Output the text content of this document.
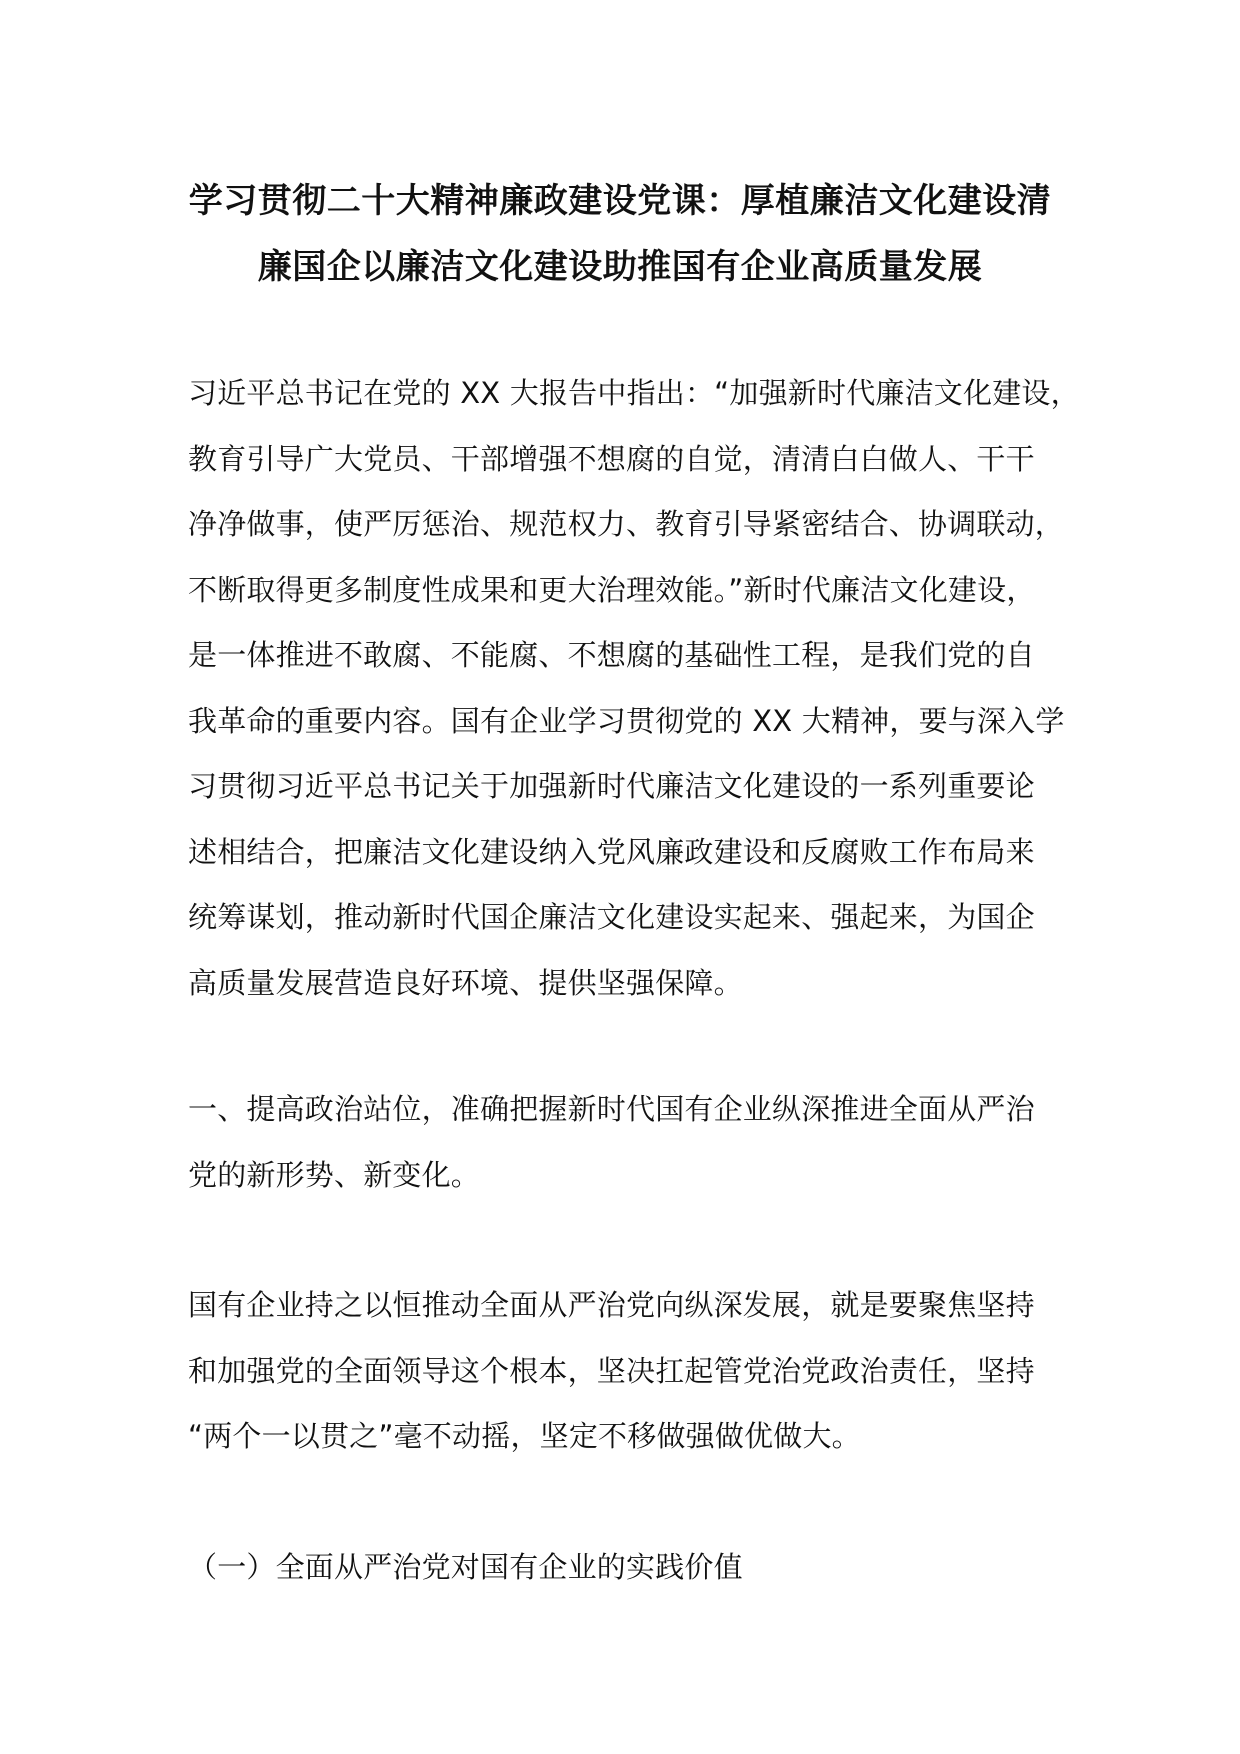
学习贯彻二十大精神廉政建设党课：厚植廉洁文化建设清
廉国企以廉洁文化建设助推国有企业高质量发展
习近平总书记在党的 XX 大报告中指出：“加强新时代廉洁文化建设，
教育引导广大党员、干部增强不想腐的自觉，清清白白做人、干干
净净做事，使严厉惩治、规范权力、教育引导紧密结合、协调联动，
不断取得更多制度性成果和更大治理效能。”新时代廉洁文化建设，
是一体推进不敢腐、不能腐、不想腐的基础性工程，是我们党的自
我革命的重要内容。国有企业学习贯彻党的 XX 大精神，要与深入学
习贯彻习近平总书记关于加强新时代廉洁文化建设的一系列重要论
述相结合，把廉洁文化建设纳入党风廉政建设和反腐败工作布局来
统筹谋划，推动新时代国企廉洁文化建设实起来、强起来，为国企
高质量发展营造良好环境、提供坚强保障。
一、提高政治站位，准确把握新时代国有企业纵深推进全面从严治
党的新形势、新变化。
国有企业持之以恒推动全面从严治党向纵深发展，就是要聚焦坚持
和加强党的全面领导这个根本，坚决扛起管党治党政治责任，坚持
“两个一以贯之”毫不动摇，坚定不移做强做优做大。
（一）全面从严治党对国有企业的实践价值
